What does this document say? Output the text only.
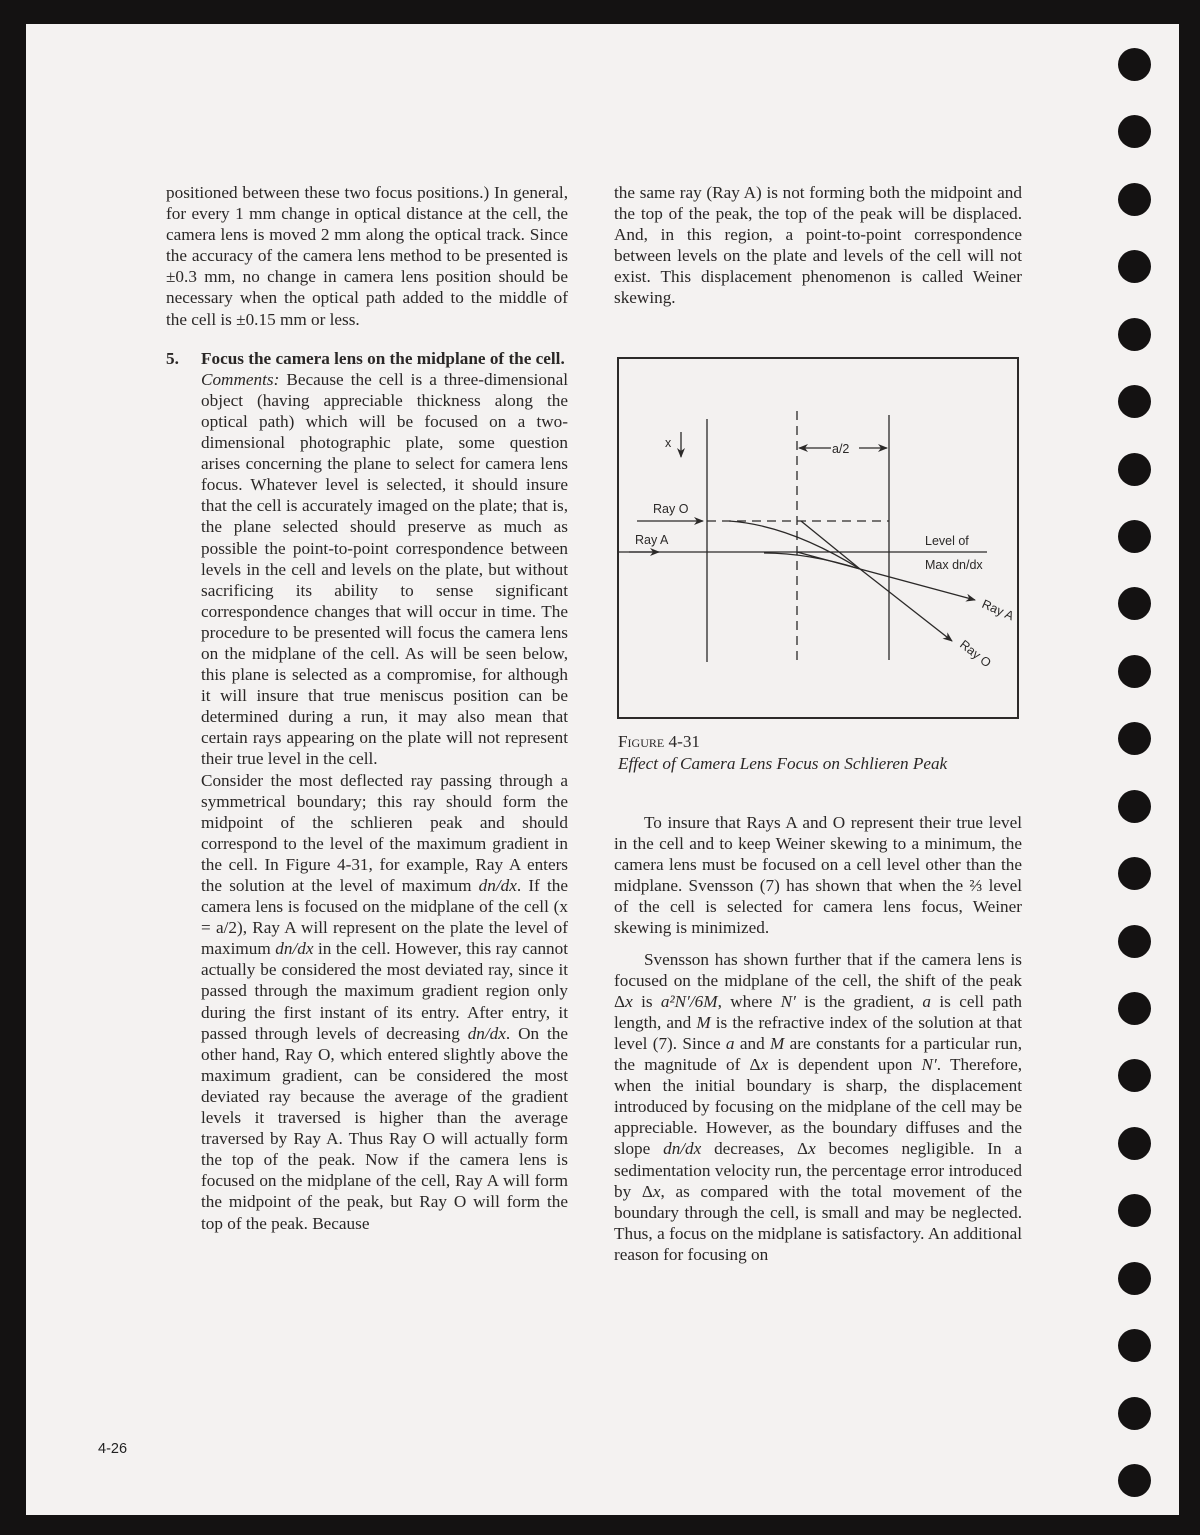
positioned between these two focus positions.) In general, for every 1 mm change in optical distance at the cell, the camera lens is moved 2 mm along the optical track. Since the accuracy of the camera lens method to be presented is ±0.3 mm, no change in camera lens position should be necessary when the optical path added to the middle of the cell is ±0.15 mm or less.

5.	Focus the camera lens on the midplane of the cell.

Comments: Because the cell is a three-dimensional object (having appreciable thickness along the optical path) which will be focused on a two-dimensional photographic plate, some question arises concerning the plane to select for camera lens focus. Whatever level is selected, it should insure that the cell is accurately imaged on the plate; that is, the plane selected should preserve as much as possible the point-to-point correspondence between levels in the cell and levels on the plate, but without sacrificing its ability to sense significant correspondence changes that will occur in time. The procedure to be presented will focus the camera lens on the midplane of the cell. As will be seen below, this plane is selected as a compromise, for although it will insure that true meniscus position can be determined during a run, it may also mean that certain rays appearing on the plate will not represent their true level in the cell.

Consider the most deflected ray passing through a symmetrical boundary; this ray should form the midpoint of the schlieren peak and should correspond to the level of the maximum gradient in the cell. In Figure 4-31, for example, Ray A enters the solution at the level of maximum dn/dx. If the camera lens is focused on the midplane of the cell (x = a/2), Ray A will represent on the plate the level of maximum dn/dx in the cell. However, this ray cannot actually be considered the most deviated ray, since it passed through the maximum gradient region only during the first instant of its entry. After entry, it passed through levels of decreasing dn/dx. On the other hand, Ray O, which entered slightly above the maximum gradient, can be considered the most deviated ray because the average of the gradient levels it traversed is higher than the average traversed by Ray A. Thus Ray O will actually form the top of the peak. Now if the camera lens is focused on the midplane of the cell, Ray A will form the midpoint of the peak, but Ray O will form the top of the peak. Because

the same ray (Ray A) is not forming both the midpoint and the top of the peak, the top of the peak will be displaced. And, in this region, a point-to-point correspondence between levels on the plate and levels of the cell will not exist. This displacement phenomenon is called Weiner skewing.

x	a/2
Ray O
Ray A	Level of
Max dn/dx
Ray A
Ray O
Figure 4-31
Effect of Camera Lens Focus on Schlieren Peak

To insure that Rays A and O represent their true level in the cell and to keep Weiner skewing to a minimum, the camera lens must be focused on a cell level other than the midplane. Svensson (7) has shown that when the ⅔ level of the cell is selected for camera lens focus, Weiner skewing is minimized.

Svensson has shown further that if the camera lens is focused on the midplane of the cell, the shift of the peak Δx is a²N′/6M, where N′ is the gradient, a is cell path length, and M is the refractive index of the solution at that level (7). Since a and M are constants for a particular run, the magnitude of Δx is dependent upon N′. Therefore, when the initial boundary is sharp, the displacement introduced by focusing on the midplane of the cell may be appreciable. However, as the boundary diffuses and the slope dn/dx decreases, Δx becomes negligible. In a sedimentation velocity run, the percentage error introduced by Δx, as compared with the total movement of the boundary through the cell, is small and may be neglected. Thus, a focus on the midplane is satisfactory. An additional reason for focusing on

4-26
